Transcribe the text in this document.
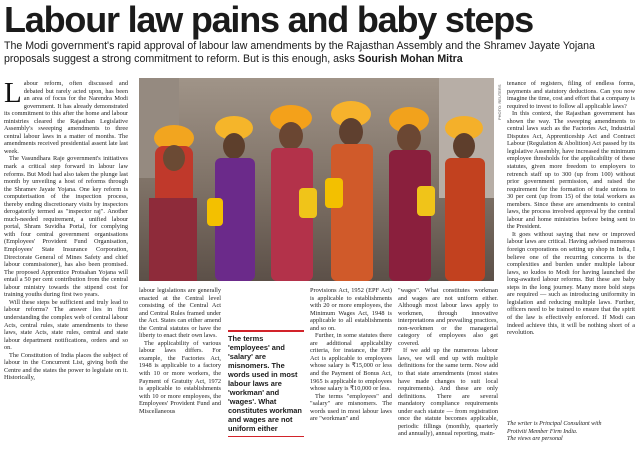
Labour law pains and baby steps
The Modi government's rapid approval of labour law amendments by the Rajasthan Assembly and the Shramev Jayate Yojana proposals suggest a strong commitment to reform. But is this enough, asks Sourish Mohan Mitra

Labour reform, often discussed and debated but rarely acted upon, has been an area of focus for the Narendra Modi government. It has already demonstrated its commitment to this after the home and labour ministries cleared the Rajasthan Legislative Assembly's sweeping amendments to three central labour laws in a matter of months. The amendments received presidential assent late last week.

The Vasundhara Raje government's initiatives mark a critical step forward in labour law reforms. But Modi had also taken the plunge last month by unveiling a host of reforms through the Shramev Jayate Yojana. One key reform is computerisation of the inspection process, thereby ending discretionary visits by inspectors derogatorily termed as "inspector raj". Another much-needed requirement, a unified labour portal, Shram Suvidha Portal, for complying with four central government organisations (Employees' Provident Fund Organisation, Employees' State Insurance Corporation, Directorate General of Mines Safety and chief labour commissioner), has also been promised. The proposed Apprentice Protsahan Yojana will entail a 50 per cent contribution from the central labour ministry towards the stipend cost for training youths during first two years.

Will these steps be sufficient and truly lead to labour reforms? The answer lies in first understanding the complex web of central labour Acts, central rules, state amendments to these laws, state Acts, state rules, central and state labour department notifications, orders and so on.

The Constitution of India places the subject of labour in the Concurrent List, giving both the Centre and the states the power to legislate on it. Historically,

PHOTO: REUTERS

labour legislations are generally enacted at the Central level consisting of the Central Act and Central Rules framed under the Act. States can either amend the Central statutes or have the liberty to enact their own laws.

The applicability of various labour laws differs. For example, the Factories Act, 1948 is applicable to a factory with 10 or more workers, the Payment of Gratuity Act, 1972 is applicable to establishments with 10 or more employees, the Employees' Provident Fund and Miscellaneous

The terms 'employees' and 'salary' are misnomers. The words used in most labour laws are 'workman' and 'wages'. What constitutes workman and wages are not uniform either

Provisions Act, 1952 (EPF Act) is applicable to establishments with 20 or more employees, the Minimum Wages Act, 1948 is applicable to all establishments and so on.

Further, in some statutes there are additional applicability criteria, for instance, the EPF Act is applicable to employees whose salary is ₹15,000 or less and the Payment of Bonus Act, 1965 is applicable to employees whose salary is ₹10,000 or less.

The terms "employees" and "salary" are misnomers. The words used in most labour laws are "workman" and

"wages". What constitutes workman and wages are not uniform either. Although most labour laws apply to workmen, through innovative interpretations and prevailing practices, non-workmen or the managerial category of employees also get covered.

If we add up the numerous labour laws, we will end up with multiple definitions for the same term. Now add to that state amendments (most states have made changes to suit local requirements). And these are only definitions. There are several mandatory compliance requirements under each statute — from registration once the statute becomes applicable, periodic fillings (monthly, quarterly and annually), annual reporting, main-

tenance of registers, filing of endless forms, payments and statutory deductions. Can you now imagine the time, cost and effort that a company is required to invest to follow all applicable laws?

In this context, the Rajasthan government has shown the way. The sweeping amendments to central laws such as the Factories Act, Industrial Disputes Act, Apprenticeship Act and Contract Labour (Regulation & Abolition) Act passed by its legislative Assembly, have increased the minimum employee thresholds for the applicability of these statutes, given more freedom to employers to retrench staff up to 300 (up from 100) without prior government permission, and raised the requirement for the formation of trade unions to 30 per cent (up from 15) of the total workers as members. Since these are amendments to central laws, the process involved approval by the central labour and home ministries before being sent to the President.

It goes without saying that new or improved labour laws are critical. Having advised numerous foreign corporations on setting up shop in India, I believe one of the recurring concerns is the complexities and burden under multiple labour laws, so kudos to Modi for having launched the long-awaited labour reforms. But these are baby steps in the long journey. Many more bold steps are required — such as introducing uniformity in legislation and reducing multiple laws. Further, officers need to be trained to ensure that the spirit of the law is effectively enforced. If Modi can indeed achieve this, it will be nothing short of a revolution.

The writer is Principal Consultant with
Protiviti Member Firm India.
The views are personal
